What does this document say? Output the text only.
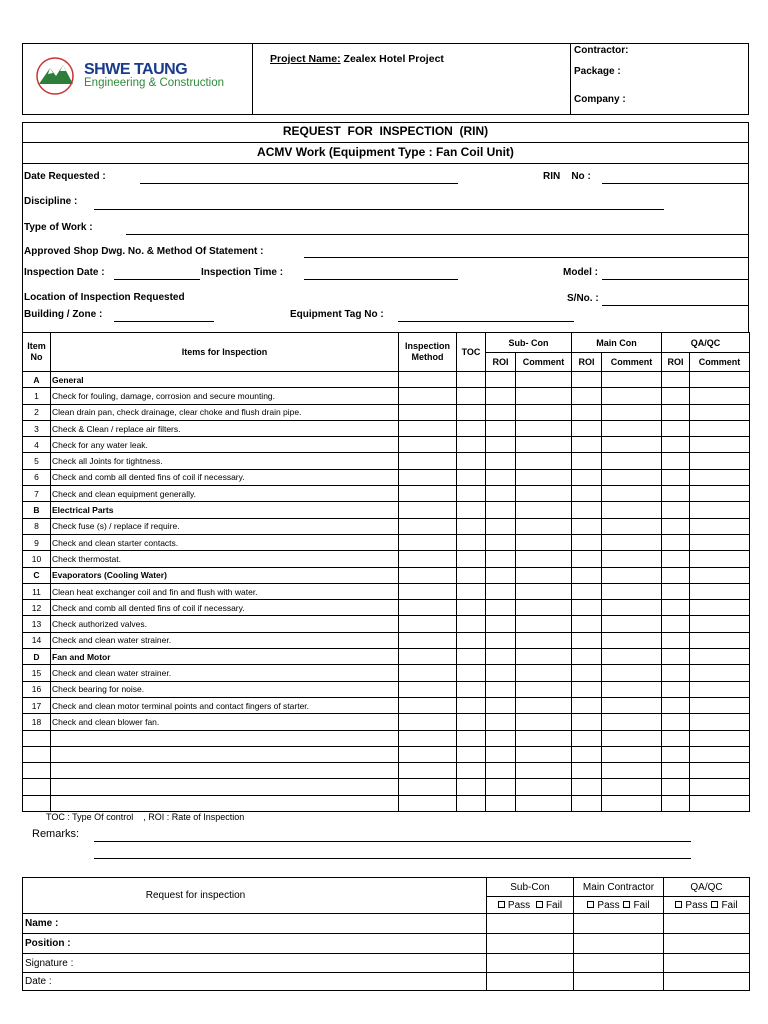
SHWE TAUNG
Engineering & Construction
Project Name: Zealex Hotel Project
Contractor:
Package :
Company :
REQUEST  FOR  INSPECTION  (RIN)
ACMV Work (Equipment Type : Fan Coil Unit)
Date Requested :	RIN    No :
Discipline :
Type of Work :
Approved Shop Dwg. No. & Method Of Statement :
Inspection Date :	Inspection Time :	Model :
Location of Inspection Requested	S/No. :
Building / Zone :	Equipment Tag No :
Item No	Items for Inspection	Inspection Method	TOC	Sub- Con		Main Con		QA/QC	
				ROI	Comment	ROI	Comment	ROI	Comment
A	General								
1	Check for fouling, damage, corrosion and secure mounting.								
2	Clean drain pan, check drainage, clear choke and flush drain pipe.								
3	Check & Clean / replace air filters.								
4	Check for any water leak.								
5	Check all Joints for tightness.								
6	Check and comb all dented fins of coil if necessary.								
7	Check and clean equipment generally.								
B	Electrical Parts								
8	Check fuse (s) / replace if require.								
9	Check and clean starter contacts.								
10	Check thermostat.								
C	Evaporators (Cooling Water)								
11	Clean heat exchanger coil and fin and flush with water.								
12	Check and comb all dented fins of coil if necessary.								
13	Check authorized valves.								
14	Check and clean water strainer.								
D	Fan and Motor								
15	Check and clean water strainer.								
16	Check bearing for noise.								
17	Check and clean motor terminal points and contact fingers of starter.								
18	Check and clean blower fan.								

TOC : Type Of control    , ROI : Rate of Inspection
Remarks:
Request for inspection	Sub-Con	Main Contractor	QA/QC
	Pass Fail	Pass Fail	Pass Fail
Name :			
Position :			
Signature :			
Date :			
